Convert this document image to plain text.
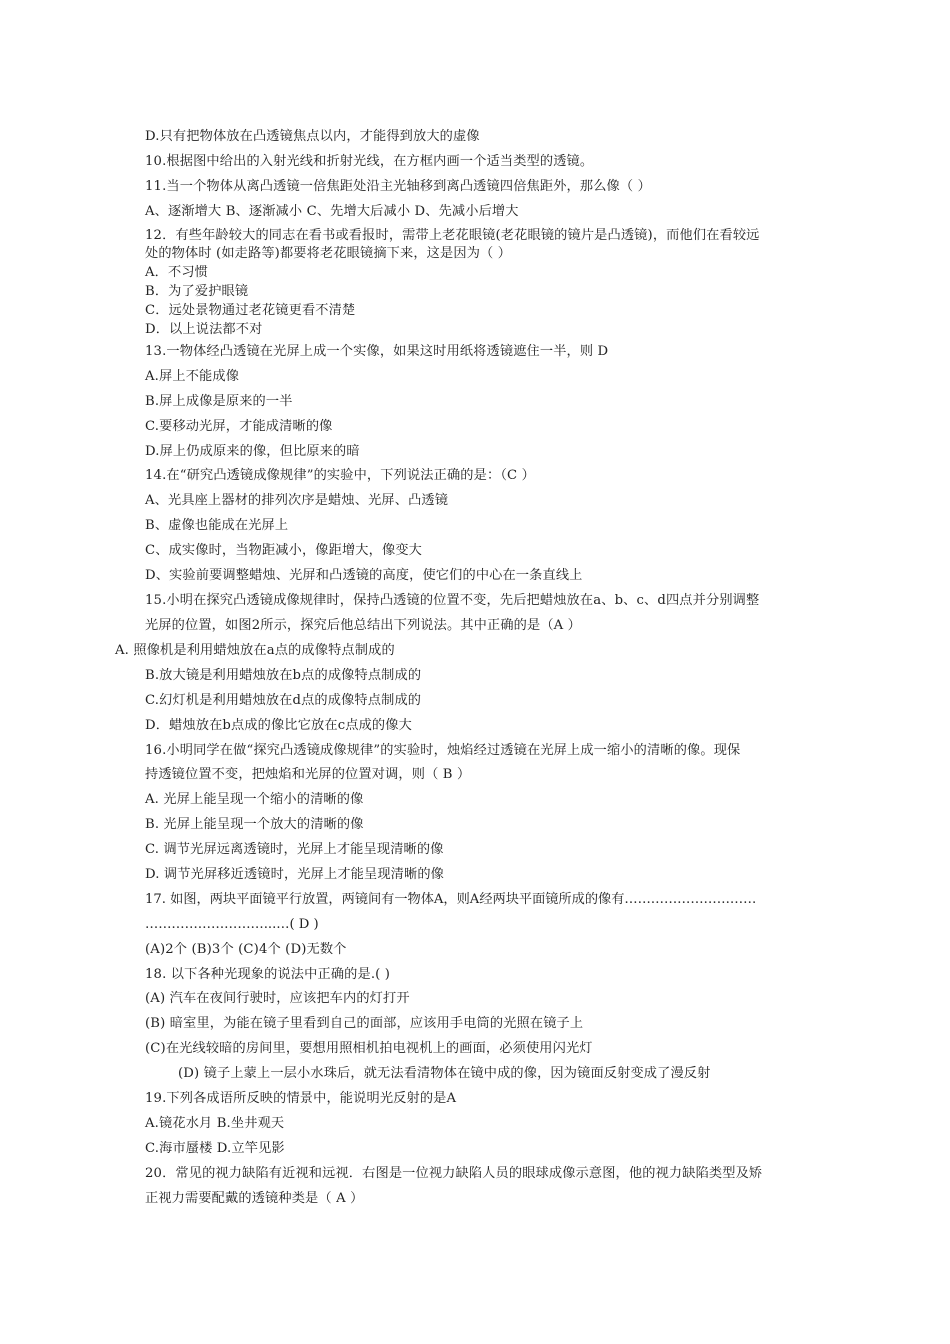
D.只有把物体放在凸透镜焦点以内，才能得到放大的虚像
10.根据图中给出的入射光线和折射光线，在方框内画一个适当类型的透镜。
11.当一个物体从离凸透镜一倍焦距处沿主光轴移到离凸透镜四倍焦距外，那么像（ ）
A、逐渐增大 B、逐渐减小 C、先增大后减小 D、先减小后增大
12．有些年龄较大的同志在看书或看报时，需带上老花眼镜(老花眼镜的镜片是凸透镜)，而他们在看较远
处的物体时 (如走路等)都要将老花眼镜摘下来，这是因为（ ）
A．不习惯
B．为了爱护眼镜
C．远处景物通过老花镜更看不清楚
D．以上说法都不对
13.一物体经凸透镜在光屏上成一个实像，如果这时用纸将透镜遮住一半，则 D
A.屏上不能成像
B.屏上成像是原来的一半
C.要移动光屏，才能成清晰的像
D.屏上仍成原来的像，但比原来的暗
14.在“研究凸透镜成像规律”的实验中，下列说法正确的是：（C ）
A、光具座上器材的排列次序是蜡烛、光屏、凸透镜
B、虚像也能成在光屏上
C、成实像时，当物距减小，像距增大，像变大
D、实验前要调整蜡烛、光屏和凸透镜的高度，使它们的中心在一条直线上
15.小明在探究凸透镜成像规律时，保持凸透镜的位置不变，先后把蜡烛放在a、b、c、d四点并分别调整
光屏的位置，如图2所示，探究后他总结出下列说法。其中正确的是（A ）
A. 照像机是利用蜡烛放在a点的成像特点制成的
B.放大镜是利用蜡烛放在b点的成像特点制成的
C.幻灯机是利用蜡烛放在d点的成像特点制成的
D．蜡烛放在b点成的像比它放在c点成的像大
16.小明同学在做“探究凸透镜成像规律”的实验时，烛焰经过透镜在光屏上成一缩小的清晰的像。现保
持透镜位置不变，把烛焰和光屏的位置对调，则（ B ）
A. 光屏上能呈现一个缩小的清晰的像
B. 光屏上能呈现一个放大的清晰的像
C. 调节光屏远离透镜时，光屏上才能呈现清晰的像
D. 调节光屏移近透镜时，光屏上才能呈现清晰的像
17. 如图，两块平面镜平行放置，两镜间有一物体A，则A经两块平面镜所成的像有…………………………
………………………...…( D )
(A)2个 (B)3个 (C)4个 (D)无数个
18. 以下各种光现象的说法中正确的是.( )
(A) 汽车在夜间行驶时，应该把车内的灯打开
(B) 暗室里，为能在镜子里看到自己的面部，应该用手电筒的光照在镜子上
(C)在光线较暗的房间里，要想用照相机拍电视机上的画面，必须使用闪光灯
(D) 镜子上蒙上一层小水珠后，就无法看清物体在镜中成的像，因为镜面反射变成了漫反射
19.下列各成语所反映的情景中，能说明光反射的是A
A.镜花水月 B.坐井观天
C.海市蜃楼 D.立竿见影
20．常见的视力缺陷有近视和远视．右图是一位视力缺陷人员的眼球成像示意图，他的视力缺陷类型及矫
正视力需要配戴的透镜种类是（ A ）
